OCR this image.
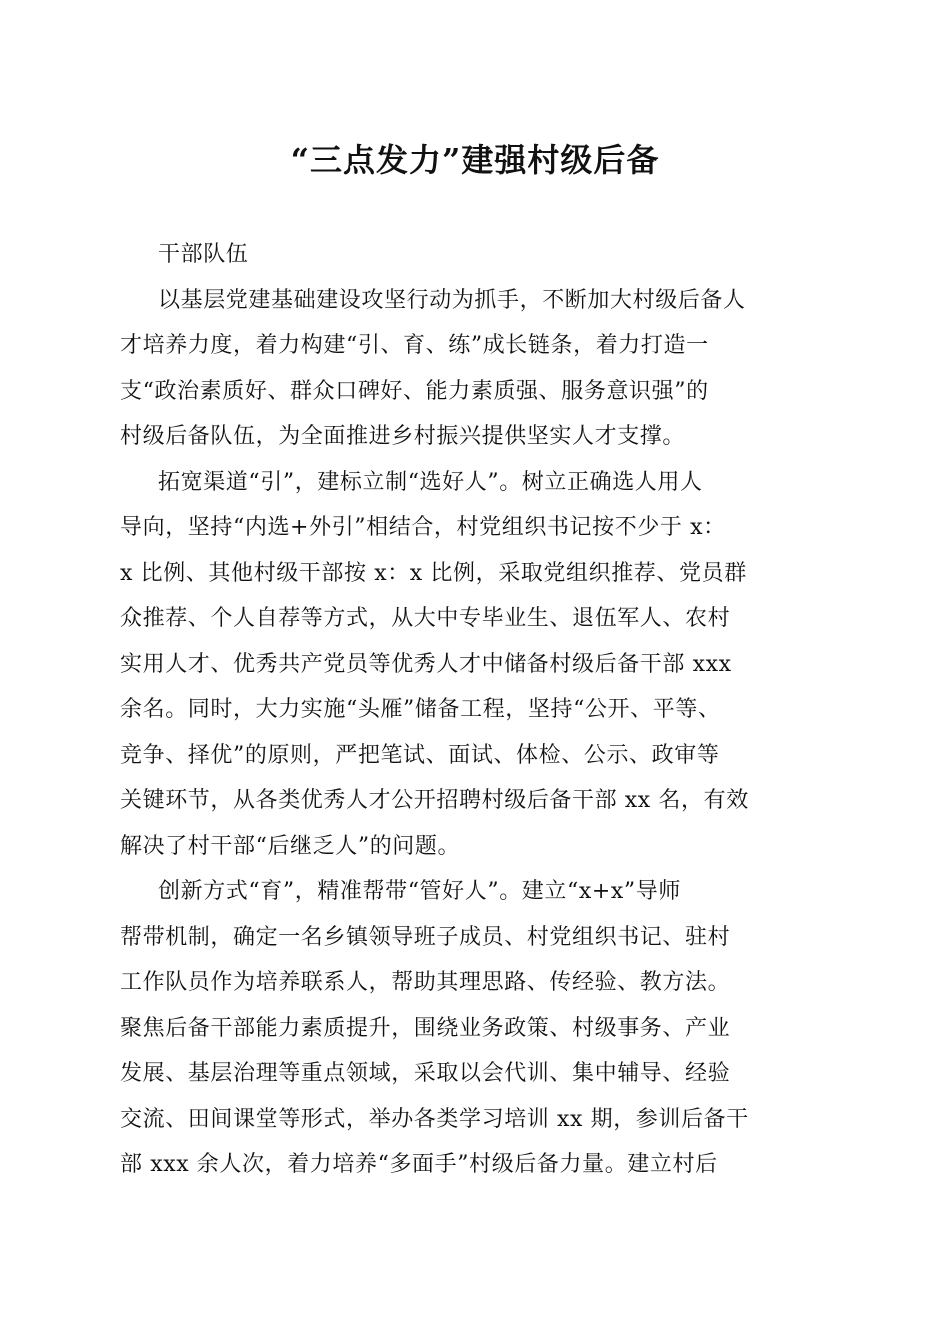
“三点发力”建强村级后备
干部队伍
以基层党建基础建设攻坚行动为抓手，不断加大村级后备人
才培养力度，着力构建“引、育、练”成长链条，着力打造一
支“政治素质好、群众口碑好、能力素质强、服务意识强”的
村级后备队伍，为全面推进乡村振兴提供坚实人才支撑。
拓宽渠道“引”，建标立制“选好人”。树立正确选人用人
导向，坚持“内选+外引”相结合，村党组织书记按不少于 x：
x 比例、其他村级干部按 x：x 比例，采取党组织推荐、党员群
众推荐、个人自荐等方式，从大中专毕业生、退伍军人、农村
实用人才、优秀共产党员等优秀人才中储备村级后备干部 xxx
余名。同时，大力实施“头雁”储备工程，坚持“公开、平等、
竞争、择优”的原则，严把笔试、面试、体检、公示、政审等
关键环节，从各类优秀人才公开招聘村级后备干部 xx 名，有效
解决了村干部“后继乏人”的问题。
创新方式“育”，精准帮带“管好人”。建立“x+x”导师
帮带机制，确定一名乡镇领导班子成员、村党组织书记、驻村
工作队员作为培养联系人，帮助其理思路、传经验、教方法。
聚焦后备干部能力素质提升，围绕业务政策、村级事务、产业
发展、基层治理等重点领域，采取以会代训、集中辅导、经验
交流、田间课堂等形式，举办各类学习培训 xx 期，参训后备干
部 xxx 余人次，着力培养“多面手”村级后备力量。建立村后
